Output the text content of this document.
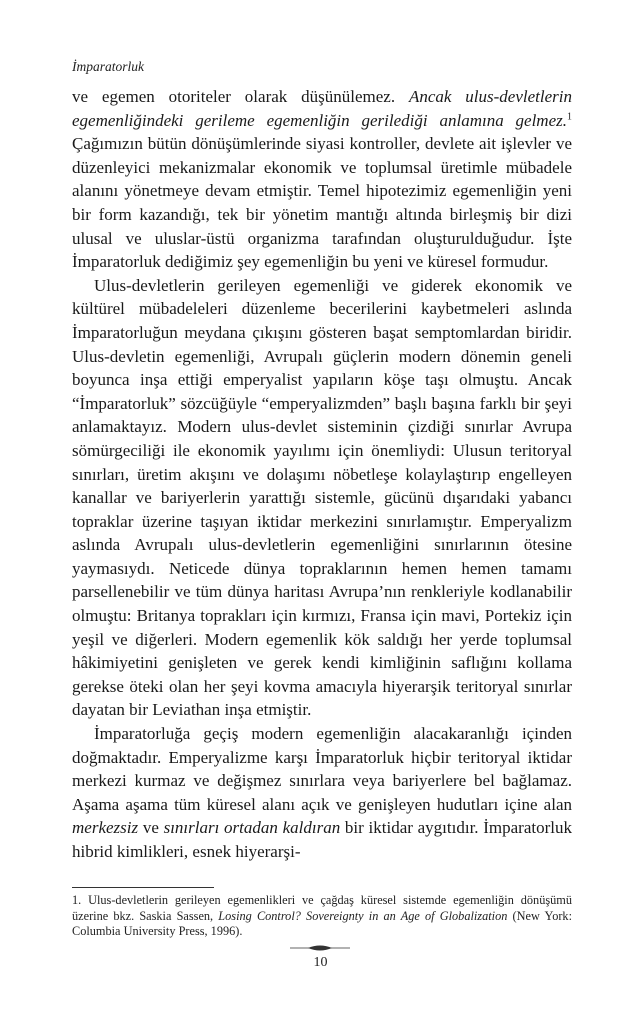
İmparatorluk

ve egemen otoriteler olarak düşünülemez. Ancak ulus-devletlerin egemenliğindeki gerileme egemenliğin gerilediği anlamına gelmez.$^1$ Çağımızın bütün dönüşümlerinde siyasi kontroller, devlete ait işlevler ve düzenleyici mekanizmalar ekonomik ve toplumsal üretimle mübadele alanını yönetmeye devam etmiştir. Temel hipotezimiz egemenliğin yeni bir form kazandığı, tek bir yönetim mantığı altında birleşmiş bir dizi ulusal ve uluslar-üstü organizma tarafından oluşturulduğudur. İşte İmparatorluk dediğimiz şey egemenliğin bu yeni ve küresel formudur.

Ulus-devletlerin gerileyen egemenliği ve giderek ekonomik ve kültürel mübadeleleri düzenleme becerilerini kaybetmeleri aslında İmparatorluğun meydana çıkışını gösteren başat semptomlardan biridir. Ulus-devletin egemenliği, Avrupalı güçlerin modern dönemin geneli boyunca inşa ettiği emperyalist yapıların köşe taşı olmuştu. Ancak “İmparatorluk” sözcüğüyle “emperyalizmden” başlı başına farklı bir şeyi anlamaktayız. Modern ulus-devlet sisteminin çizdiği sınırlar Avrupa sömürgeciliği ile ekonomik yayılımı için önemliydi: Ulusun teritoryal sınırları, üretim akışını ve dolaşımı nöbetleşe kolaylaştırıp engelleyen kanallar ve bariyerlerin yarattığı sistemle, gücünü dışarıdaki yabancı topraklar üzerine taşıyan iktidar merkezini sınırlamıştır. Emperyalizm aslında Avrupalı ulus-devletlerin egemenliğini sınırlarının ötesine yaymasıydı. Neticede dünya topraklarının hemen hemen tamamı parsellenebilir ve tüm dünya haritası Avrupa’nın renkleriyle kodlanabilir olmuştu: Britanya toprakları için kırmızı, Fransa için mavi, Portekiz için yeşil ve diğerleri. Modern egemenlik kök saldığı her yerde toplumsal hâkimiyetini genişleten ve gerek kendi kimliğinin saflığını kollama gerekse öteki olan her şeyi kovma amacıyla hiyerarşik teritoryal sınırlar dayatan bir Leviathan inşa etmiştir.

İmparatorluğa geçiş modern egemenliğin alacakaranlığı içinden doğmaktadır. Emperyalizme karşı İmparatorluk hiçbir teritoryal iktidar merkezi kurmaz ve değişmez sınırlara veya bariyerlere bel bağlamaz. Aşama aşama tüm küresel alanı açık ve genişleyen hudutları içine alan merkezsiz ve sınırları ortadan kaldıran bir iktidar aygıtıdır. İmparatorluk hibrid kimlikleri, esnek hiyerarşi-

1. Ulus-devletlerin gerileyen egemenlikleri ve çağdaş küresel sistemde egemenliğin dönüşümü üzerine bkz. Saskia Sassen, Losing Control? Sovereignty in an Age of Globalization (New York: Columbia University Press, 1996).
10
